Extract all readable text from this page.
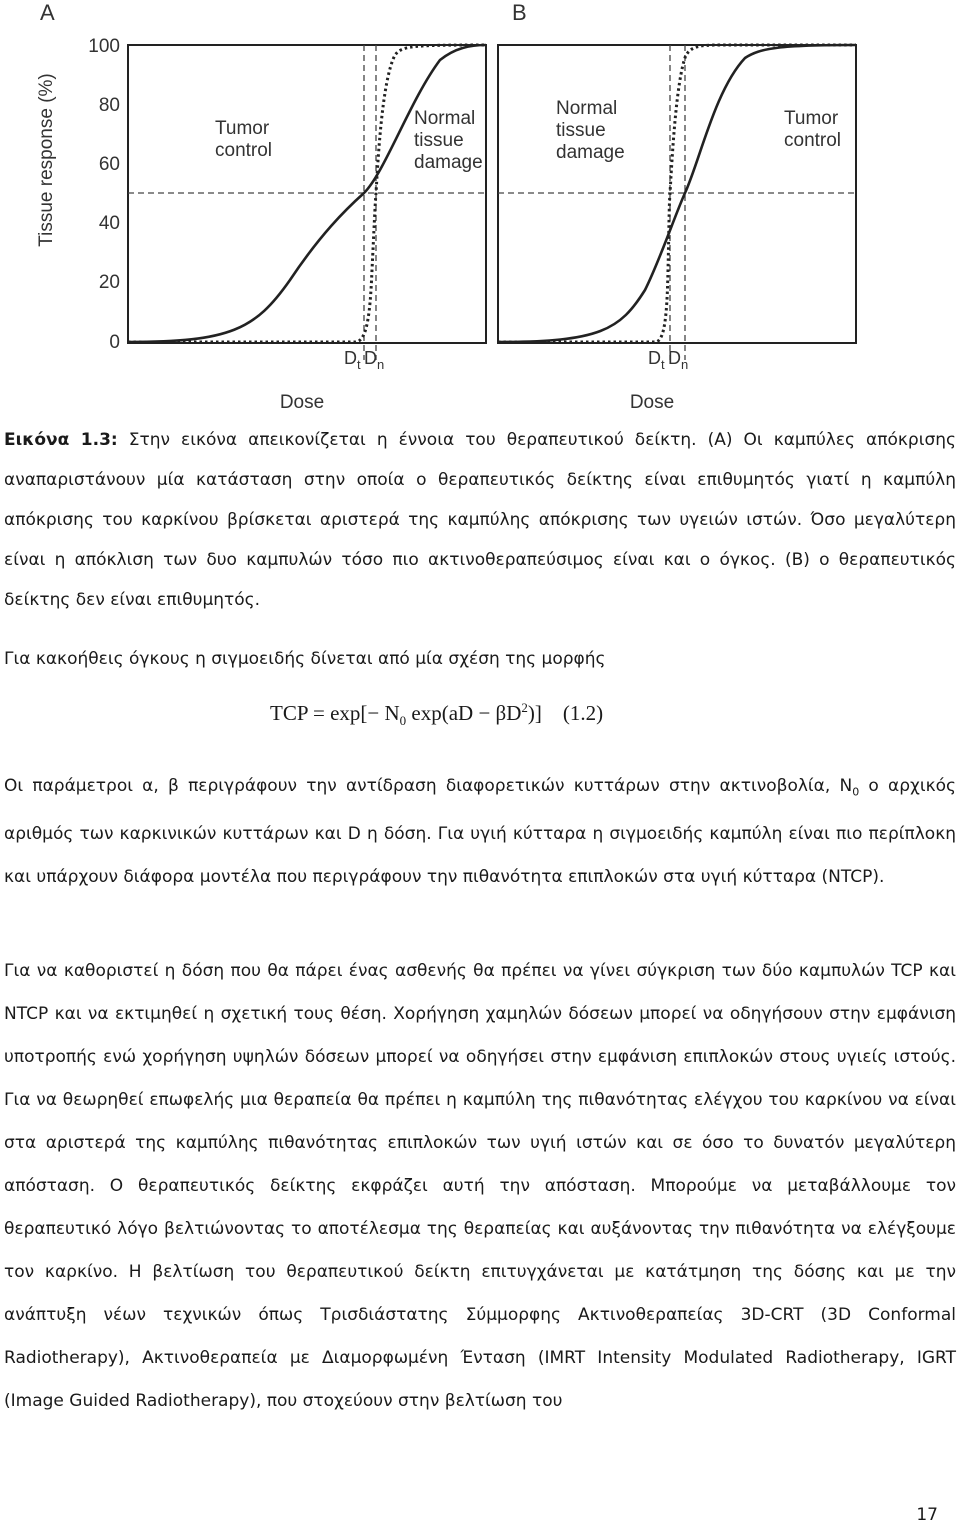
A	B
Tissue response (%)
100
80
60
40
20
0
Tumor
control
Normal
tissue
damage
Normal
tissue
damage
Tumor
control
$D_t$ $D_n$	$D_t$ $D_n$
Dose	Dose

Εικόνα 1.3: Στην εικόνα απεικονίζεται η έννοια του θεραπευτικού δείκτη. (Α) Οι καμπύλες απόκρισης αναπαριστάνουν μία κατάσταση στην οποία ο θεραπευτικός δείκτης είναι επιθυμητός γιατί η καμπύλη απόκρισης του καρκίνου βρίσκεται αριστερά της καμπύλης απόκρισης των υγειών ιστών. Όσο μεγαλύτερη είναι η απόκλιση των δυο καμπυλών τόσο πιο ακτινοθεραπεύσιμος είναι και ο όγκος. (Β) ο θεραπευτικός δείκτης δεν είναι επιθυμητός.

Για κακοήθεις όγκους η σιγμοειδής δίνεται από μία σχέση της μορφής

TCP = $\exp[- N_0$ $\exp(aD - \beta D^2)$] (1.2)

Οι παράμετροι α, β περιγράφουν την αντίδραση διαφορετικών κυττάρων στην ακτινοβολία, $N_0$ ο αρχικός αριθμός των καρκινικών κυττάρων και D η δόση. Για υγιή κύτταρα η σιγμοειδής καμπύλη είναι πιο περίπλοκη και υπάρχουν διάφορα μοντέλα που περιγράφουν την πιθανότητα επιπλοκών στα υγιή κύτταρα (NTCP).

Για να καθοριστεί η δόση που θα πάρει ένας ασθενής θα πρέπει να γίνει σύγκριση των δύο καμπυλών TCP και NTCP και να εκτιμηθεί η σχετική τους θέση. Χορήγηση χαμηλών δόσεων μπορεί να οδηγήσουν στην εμφάνιση υποτροπής ενώ χορήγηση υψηλών δόσεων μπορεί να οδηγήσει στην εμφάνιση επιπλοκών στους υγιείς ιστούς. Για να θεωρηθεί επωφελής μια θεραπεία θα πρέπει η καμπύλη της πιθανότητας ελέγχου του καρκίνου να είναι στα αριστερά της καμπύλης πιθανότητας επιπλοκών των υγιή ιστών και σε όσο το δυνατόν μεγαλύτερη απόσταση. Ο θεραπευτικός δείκτης εκφράζει αυτή την απόσταση. Μπορούμε να μεταβάλλουμε τον θεραπευτικό λόγο βελτιώνοντας το αποτέλεσμα της θεραπείας και αυξάνοντας την πιθανότητα να ελέγξουμε τον καρκίνο. Η βελτίωση του θεραπευτικού δείκτη επιτυγχάνεται με κατάτμηση της δόσης και με την ανάπτυξη νέων τεχνικών όπως Τρισδιάστατης Σύμμορφης Ακτινοθεραπείας 3D-CRT (3D Conformal Radiotherapy), Ακτινοθεραπεία με Διαμορφωμένη Ένταση (IMRT Intensity Modulated Radiotherapy, IGRT (Image Guided Radiotherapy), που στοχεύουν στην βελτίωση του

17
